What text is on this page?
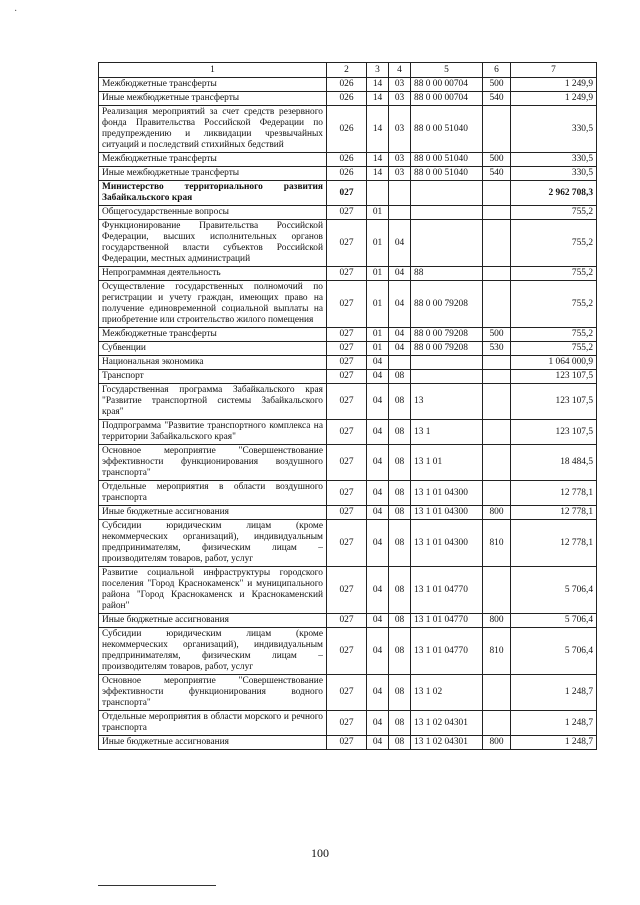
1	2	3	4	5	6	7
Межбюджетные трансферты	026	14	03	88 0 00 00704	500	1 249,9
Иные межбюджетные трансферты	026	14	03	88 0 00 00704	540	1 249,9
Реализация мероприятий за счет средств резервного фонда Правительства Российской Федерации по предупреждению и ликвидации чрезвычайных ситуаций и последствий стихийных бедствий	026	14	03	88 0 00 51040		330,5
Межбюджетные трансферты	026	14	03	88 0 00 51040	500	330,5
Иные межбюджетные трансферты	026	14	03	88 0 00 51040	540	330,5
Министерство территориального развития Забайкальского края	027					2 962 708,3
Общегосударственные вопросы	027	01				755,2
Функционирование Правительства Российской Федерации, высших исполнительных органов государственной власти субъектов Российской Федерации, местных администраций	027	01	04			755,2
Непрограммная деятельность	027	01	04	88		755,2
Осуществление государственных полномочий по регистрации и учету граждан, имеющих право на получение единовременной социальной выплаты на приобретение или строительство жилого помещения	027	01	04	88 0 00 79208		755,2
Межбюджетные трансферты	027	01	04	88 0 00 79208	500	755,2
Субвенции	027	01	04	88 0 00 79208	530	755,2
Национальная экономика	027	04				1 064 000,9
Транспорт	027	04	08			123 107,5
Государственная программа Забайкальского края "Развитие транспортной системы Забайкальского края"	027	04	08	13		123 107,5
Подпрограмма "Развитие транспортного комплекса на территории Забайкальского края"	027	04	08	13 1		123 107,5
Основное мероприятие "Совершенствование эффективности функционирования воздушного транспорта"	027	04	08	13 1 01		18 484,5
Отдельные мероприятия в области воздушного транспорта	027	04	08	13 1 01 04300		12 778,1
Иные бюджетные ассигнования	027	04	08	13 1 01 04300	800	12 778,1
Субсидии юридическим лицам (кроме некоммерческих организаций), индивидуальным предпринимателям, физическим лицам – производителям товаров, работ, услуг	027	04	08	13 1 01 04300	810	12 778,1
Развитие социальной инфраструктуры городского поселения "Город Краснокаменск" и муниципального района "Город Краснокаменск и Краснокаменский район"	027	04	08	13 1 01 04770		5 706,4
Иные бюджетные ассигнования	027	04	08	13 1 01 04770	800	5 706,4
Субсидии юридическим лицам (кроме некоммерческих организаций), индивидуальным предпринимателям, физическим лицам – производителям товаров, работ, услуг	027	04	08	13 1 01 04770	810	5 706,4
Основное мероприятие "Совершенствование эффективности функционирования водного транспорта"	027	04	08	13 1 02		1 248,7
Отдельные мероприятия в области морского и речного транспорта	027	04	08	13 1 02 04301		1 248,7
Иные бюджетные ассигнования	027	04	08	13 1 02 04301	800	1 248,7
100
·
